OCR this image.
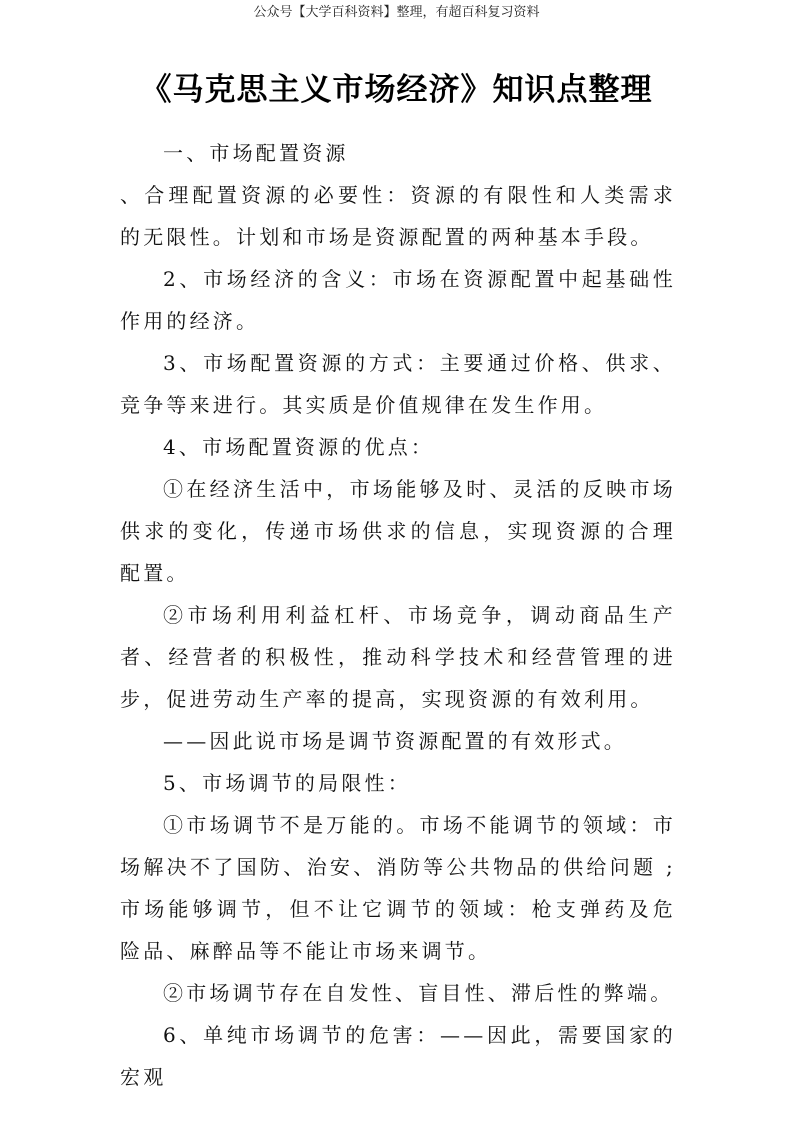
公众号【大学百科资料】整理，有超百科复习资料
《马克思主义市场经济》知识点整理

一、市场配置资源

、合理配置资源的必要性：资源的有限性和人类需求的无限性。计划和市场是资源配置的两种基本手段。

2、市场经济的含义：市场在资源配置中起基础性作用的经济。

3、市场配置资源的方式：主要通过价格、供求、竞争等来进行。其实质是价值规律在发生作用。

4、市场配置资源的优点：

①在经济生活中，市场能够及时、灵活的反映市场供求的变化，传递市场供求的信息，实现资源的合理配置。

②市场利用利益杠杆、市场竞争，调动商品生产者、经营者的积极性，推动科学技术和经营管理的进步，促进劳动生产率的提高，实现资源的有效利用。

——因此说市场是调节资源配置的有效形式。

5、市场调节的局限性：

①市场调节不是万能的。市场不能调节的领域：市场解决不了国防、治安、消防等公共物品的供给问题 ;市场能够调节，但不让它调节的领域：枪支弹药及危险品、麻醉品等不能让市场来调节。

②市场调节存在自发性、盲目性、滞后性的弊端。

6、单纯市场调节的危害：——因此，需要国家的宏观
